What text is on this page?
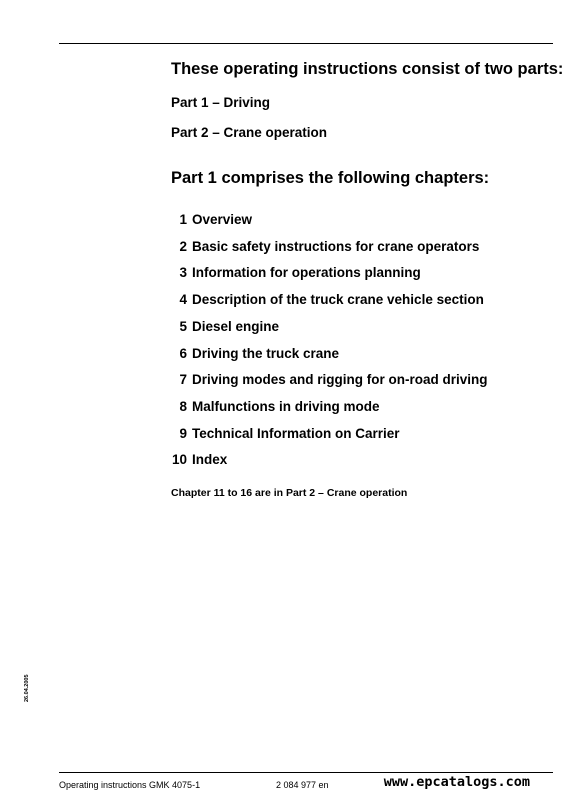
These operating instructions consist of two parts:

Part 1 – Driving

Part 2 – Crane operation

Part 1 comprises the following chapters:

1 Overview
2 Basic safety instructions for crane operators
3 Information for operations planning
4 Description of the truck crane vehicle section
5 Diesel engine
6 Driving the truck crane
7 Driving modes and rigging for on-road driving
8 Malfunctions in driving mode
9 Technical Information on Carrier
10 Index

Chapter 11 to 16 are in Part 2 – Crane operation

26.04.2005
Operating instructions GMK 4075-1	2 084 977 en	www.epcatalogs.com
